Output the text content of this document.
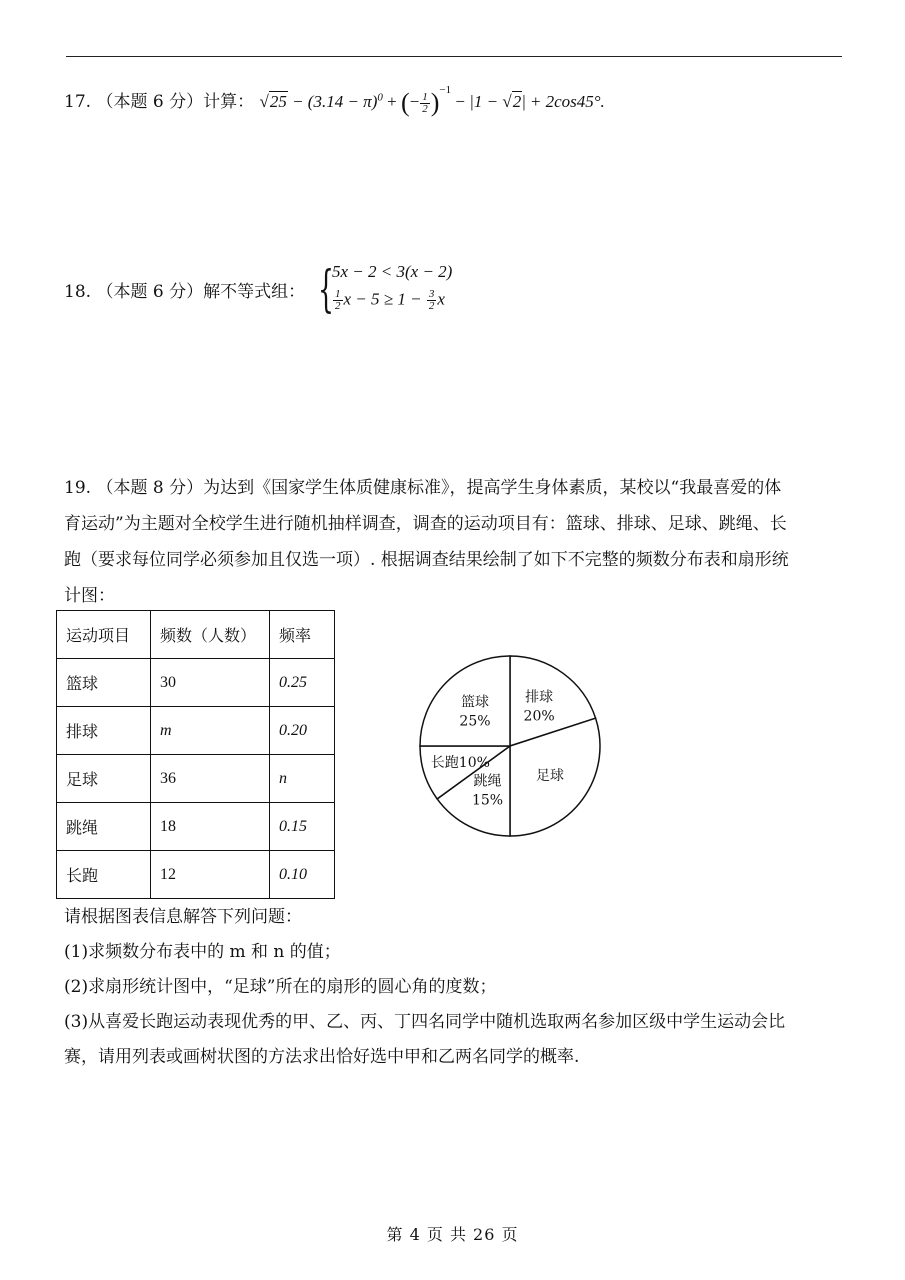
17. （本题 6 分）计算： $√25 - (3.14 - \pi)^0$ + (− $\frac{1}{2} )^{-1} - |1 - √2| + 2\cos 45^\circ$.
18. （本题 6 分）解不等式组： {
5x − 2 < 3(x − 2)
$\frac{1}{2}$ $x - 5 \ge 1 - \frac{3}{2}$ x
19. （本题 8 分）为达到《国家学生体质健康标准》，提高学生身体素质，某校以“我最喜爱的体
育运动”为主题对全校学生进行随机抽样调查，调查的运动项目有：篮球、排球、足球、跳绳、长
跑（要求每位同学必须参加且仅选一项）. 根据调查结果绘制了如下不完整的频数分布表和扇形统
计图：
运动项目	频数（人数）	频率
篮球	30	0.25
排球	m	0.20
足球	36	n
跳绳	18	0.15
长跑	12	0.10
排球
20%
足球
跳绳
15%
长跑10%
篮球
25%
请根据图表信息解答下列问题：
(1)求频数分布表中的 m 和 n 的值；
(2)求扇形统计图中，“足球”所在的扇形的圆心角的度数；
(3)从喜爱长跑运动表现优秀的甲、乙、丙、丁四名同学中随机选取两名参加区级中学生运动会比
赛，请用列表或画树状图的方法求出恰好选中甲和乙两名同学的概率.
第 4 页 共 26 页
